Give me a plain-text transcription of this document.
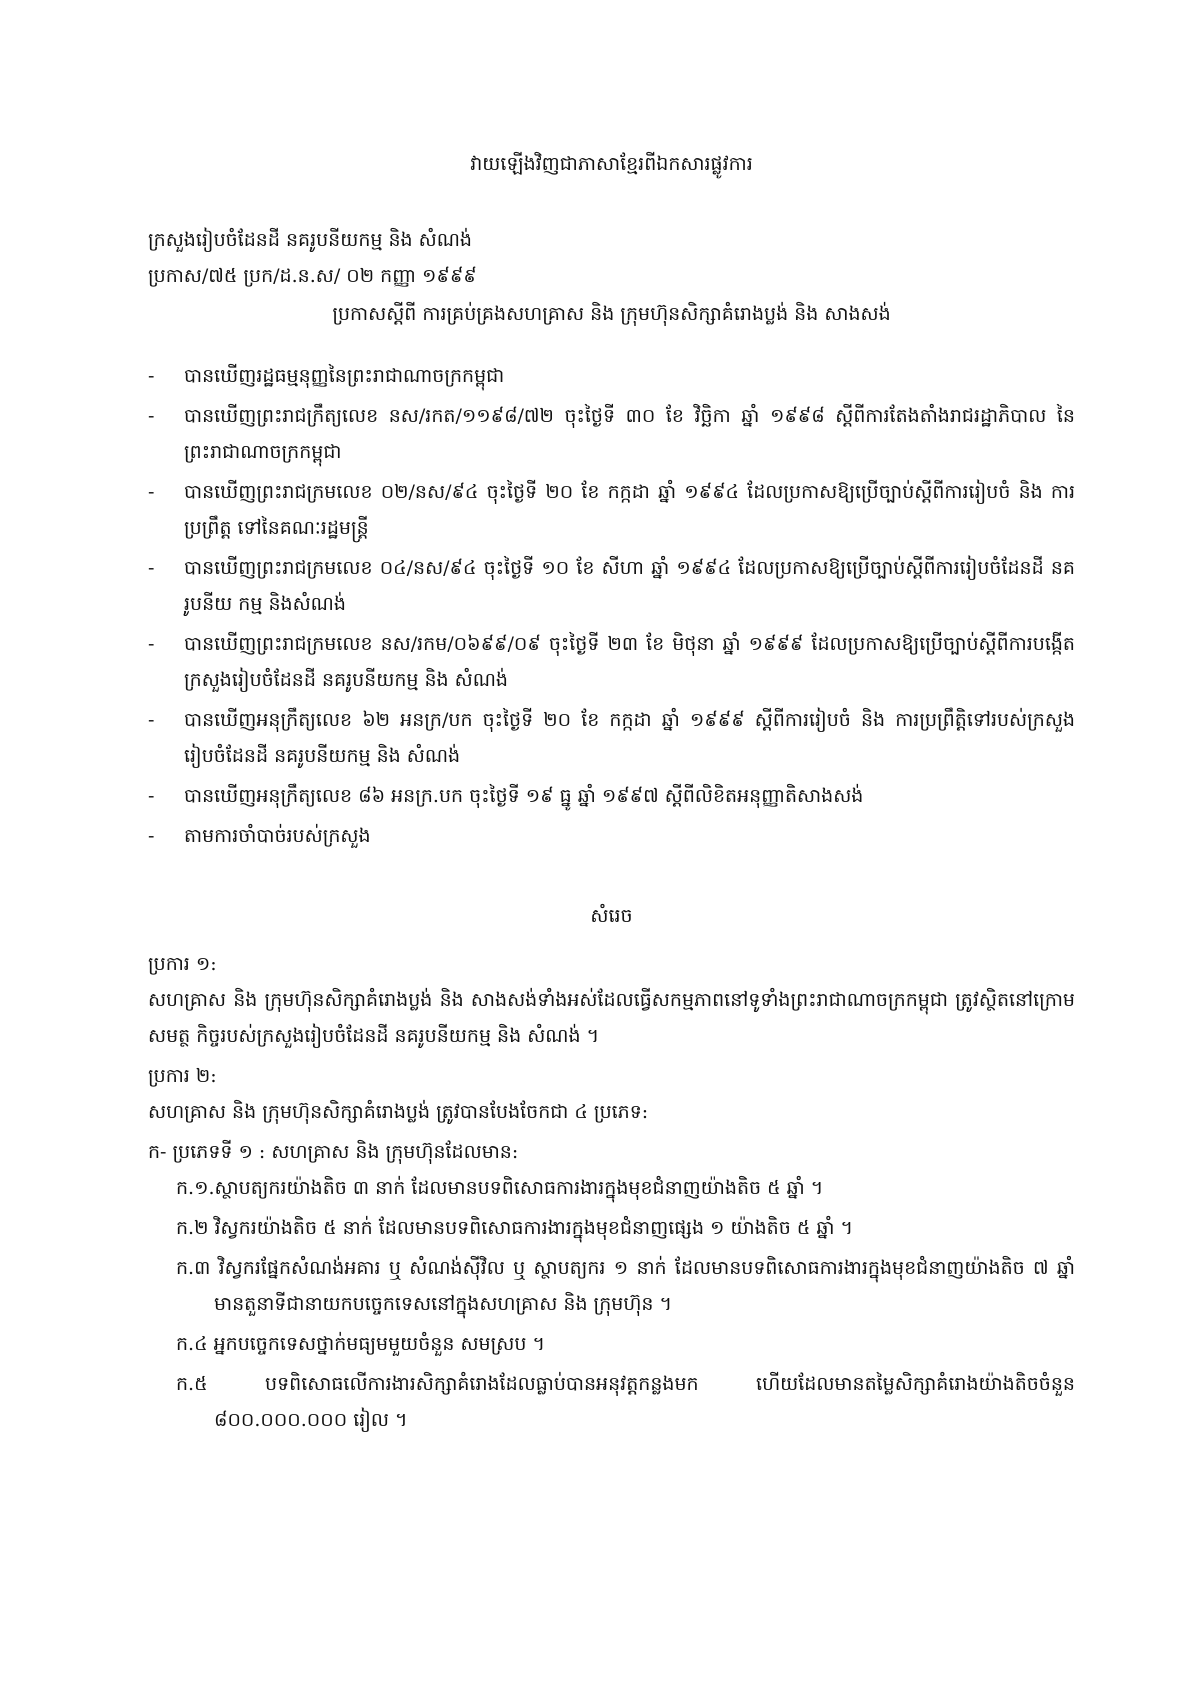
វាយឡើងវិញជាភាសាខ្មែរពីឯកសារផ្លូវការ

ក្រសួងរៀបចំដែនដី នគរូបនីយកម្ម និង សំណង់

ប្រកាស/៧៥ ប្រក/ដ.ន.ស/ ០២ កញ្ញា ១៩៩៩

ប្រកាសស្តីពី ការគ្រប់គ្រងសហគ្រាស និង ក្រុមហ៊ុនសិក្សាគំរោងប្លង់ និង សាងសង់

-	បានឃើញរដ្ឋធម្មនុញ្ញនៃព្រះរាជាណាចក្រកម្ពុជា
-	បានឃើញព្រះរាជក្រឹត្យលេខ នស/រកត/១១៩៨/៧២ ចុះថ្ងៃទី ៣០ ខែ វិច្ឆិកា ឆ្នាំ ១៩៩៨ ស្តីពីការតែងតាំងរាជរដ្ឋាភិបាល នៃព្រះរាជាណាចក្រកម្ពុជា
-	បានឃើញព្រះរាជក្រមលេខ ០២/នស/៩៤ ចុះថ្ងៃទី ២០ ខែ កក្កដា ឆ្នាំ ១៩៩៤ ដែលប្រកាសឱ្យប្រើច្បាប់ស្តីពីការរៀបចំ និង ការប្រព្រឹត្ត ទៅនៃគណៈរដ្ឋមន្ត្រី
-	បានឃើញព្រះរាជក្រមលេខ ០៤/នស/៩៤ ចុះថ្ងៃទី ១០ ខែ សីហា ឆ្នាំ ១៩៩៤ ដែលប្រកាសឱ្យប្រើច្បាប់ស្តីពីការរៀបចំដែនដី នគរូបនីយ កម្ម និងសំណង់
-	បានឃើញព្រះរាជក្រមលេខ នស/រកម/០៦៩៩/០៩ ចុះថ្ងៃទី ២៣ ខែ មិថុនា ឆ្នាំ ១៩៩៩ ដែលប្រកាសឱ្យប្រើច្បាប់ស្តីពីការបង្កើត ក្រសួងរៀបចំដែនដី នគរូបនីយកម្ម និង សំណង់
-	បានឃើញអនុក្រឹត្យលេខ ៦២ អនក្រ/បក ចុះថ្ងៃទី ២០ ខែ កក្កដា ឆ្នាំ ១៩៩៩ ស្តីពីការរៀបចំ និង ការប្រព្រឹត្តិទៅរបស់ក្រសួង រៀបចំដែនដី នគរូបនីយកម្ម និង សំណង់
-	បានឃើញអនុក្រឹត្យលេខ ៨៦ អនក្រ.បក ចុះថ្ងៃទី ១៩ ធ្នូ ឆ្នាំ ១៩៩៧ ស្តីពីលិខិតអនុញ្ញាតិសាងសង់
-	តាមការចាំបាច់របស់ក្រសួង

សំរេច

ប្រការ ១:

សហគ្រាស និង ក្រុមហ៊ុនសិក្សាគំរោងប្លង់ និង សាងសង់ទាំងអស់ដែលធ្វើសកម្មភាពនៅទូទាំងព្រះរាជាណាចក្រកម្ពុជា ត្រូវស្ថិតនៅក្រោមសមត្ថ កិច្ចរបស់ក្រសួងរៀបចំដែនដី នគរូបនីយកម្ម និង សំណង់ ។

ប្រការ ២:

សហគ្រាស និង ក្រុមហ៊ុនសិក្សាគំរោងប្លង់ ត្រូវបានបែងចែកជា ៤ ប្រភេទ:

ក- ប្រភេទទី ១ : សហគ្រាស និង ក្រុមហ៊ុនដែលមាន:

ក.១.ស្ថាបត្យករយ៉ាងតិច ៣ នាក់ ដែលមានបទពិសោធការងារក្នុងមុខជំនាញយ៉ាងតិច ៥ ឆ្នាំ ។

ក.២ វិស្វករយ៉ាងតិច ៥ នាក់ ដែលមានបទពិសោធការងារក្នុងមុខជំនាញផ្សេង ១ យ៉ាងតិច ៥ ឆ្នាំ ។

ក.៣ វិស្វករផ្នែកសំណង់អគារ ឬ សំណង់ស៊ីវិល ឬ ស្ថាបត្យករ ១ នាក់ ដែលមានបទពិសោធការងារក្នុងមុខជំនាញយ៉ាងតិច ៧ ឆ្នាំ មានតួនាទីជានាយកបច្ចេកទេសនៅក្នុងសហគ្រាស និង ក្រុមហ៊ុន ។

ក.៤ អ្នកបច្ចេកទេសថ្នាក់មធ្យមមួយចំនួន សមស្រប ។

ក.៥ បទពិសោធលើការងារសិក្សាគំរោងដែលធ្លាប់បានអនុវត្តកន្លងមក ហើយដែលមានតម្លៃសិក្សាគំរោងយ៉ាងតិចចំនួន ៨០០.០០០.០០០ រៀល ។
